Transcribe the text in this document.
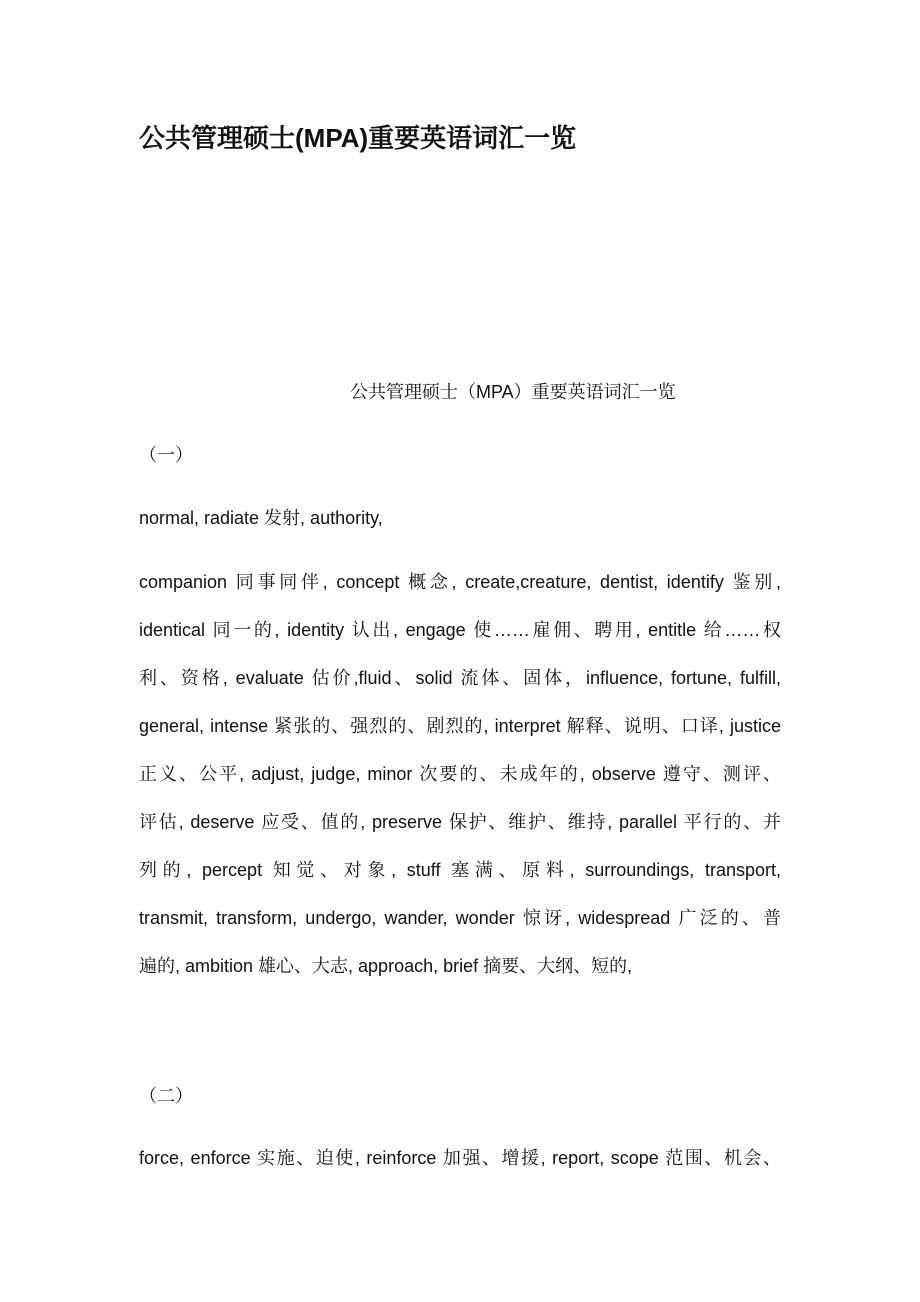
公共管理硕士(MPA)重要英语词汇一览
公共管理硕士（MPA）重要英语词汇一览
（一）
normal, radiate 发射, authority,
companion 同事同伴, concept 概念, create,creature, dentist, identify 鉴别,
identical 同一的, identity 认出, engage 使……雇佣、聘用, entitle 给……权
利、资格, evaluate 估价,fluid、solid 流体、固体，influence, fortune, fulfill,
general, intense 紧张的、强烈的、剧烈的, interpret 解释、说明、口译, justice
正义、公平, adjust, judge, minor 次要的、未成年的, observe 遵守、测评、
评估, deserve 应受、值的, preserve 保护、维护、维持, parallel 平行的、并
列的, percept 知觉、对象, stuff 塞满、原料, surroundings, transport,
transmit, transform, undergo, wander, wonder 惊讶, widespread 广泛的、普
遍的, ambition 雄心、大志, approach, brief 摘要、大纲、短的,
（二）
force, enforce 实施、迫使, reinforce 加强、增援, report, scope 范围、机会、
